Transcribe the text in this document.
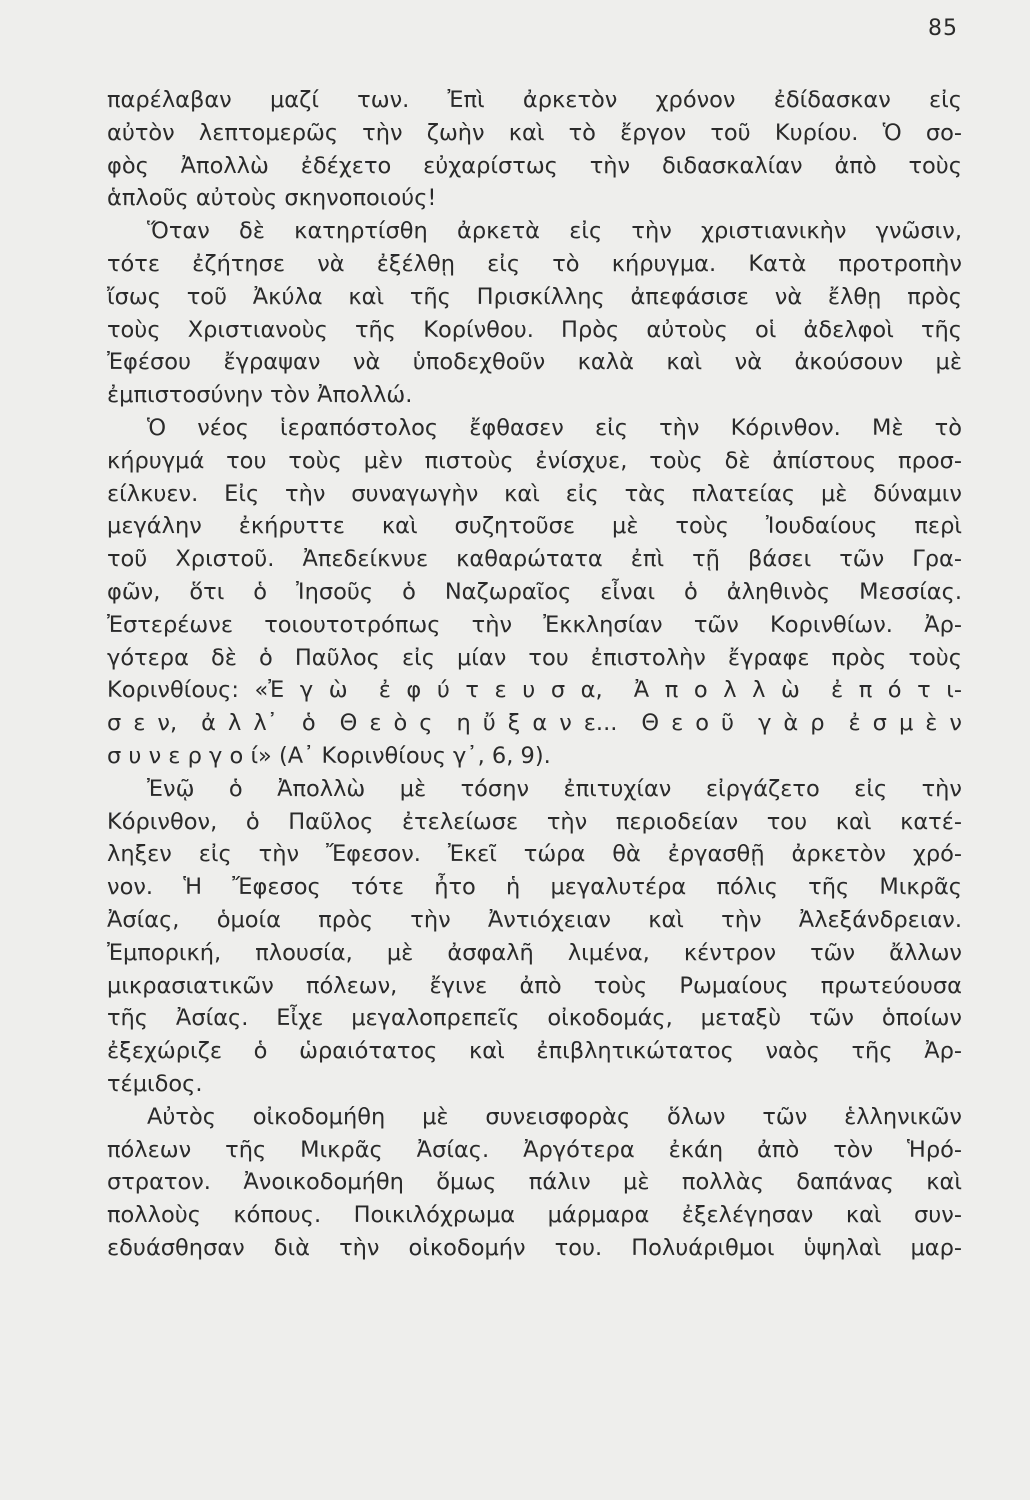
85
παρέλαβαν μαζί των. Ἐπὶ ἀρκετὸν χρόνον ἐδίδασκαν εἰς
αὐτὸν λεπτομερῶς τὴν ζωὴν καὶ τὸ ἔργον τοῦ Κυρίου. Ὁ σο-
φὸς Ἀπολλὼ ἐδέχετο εὐχαρίστως τὴν διδασκαλίαν ἀπὸ τοὺς
ἁπλοῦς αὐτοὺς σκηνοποιούς!
Ὅταν δὲ κατηρτίσθη ἀρκετὰ εἰς τὴν χριστιανικὴν γνῶσιν,
τότε ἐζήτησε νὰ ἐξέλθῃ εἰς τὸ κήρυγμα. Κατὰ προτροπὴν
ἴσως τοῦ Ἀκύλα καὶ τῆς Πρισκίλλης ἀπεφάσισε νὰ ἔλθῃ πρὸς
τοὺς Χριστιανοὺς τῆς Κορίνθου. Πρὸς αὐτοὺς οἱ ἀδελφοὶ τῆς
Ἐφέσου ἔγραψαν νὰ ὑποδεχθοῦν καλὰ καὶ νὰ ἀκούσουν μὲ
ἐμπιστοσύνην τὸν Ἀπολλώ.
Ὁ νέος ἱεραπόστολος ἔφθασεν εἰς τὴν Κόρινθον. Μὲ τὸ
κήρυγμά του τοὺς μὲν πιστοὺς ἐνίσχυε, τοὺς δὲ ἀπίστους προσ-
είλκυεν. Εἰς τὴν συναγωγὴν καὶ εἰς τὰς πλατείας μὲ δύναμιν
μεγάλην ἐκήρυττε καὶ συζητοῦσε μὲ τοὺς Ἰουδαίους περὶ
τοῦ Χριστοῦ. Ἀπεδείκνυε καθαρώτατα ἐπὶ τῇ βάσει τῶν Γρα-
φῶν, ὅτι ὁ Ἰησοῦς ὁ Ναζωραῖος εἶναι ὁ ἀληθινὸς Μεσσίας.
Ἐστερέωνε τοιουτοτρόπως τὴν Ἐκκλησίαν τῶν Κορινθίων. Ἀρ-
γότερα δὲ ὁ Παῦλος εἰς μίαν του ἐπιστολὴν ἔγραφε πρὸς τοὺς
Κορινθίους: «Ἐ γ ὼ  ἐ φ ύ τ ε υ σ α,  Ἀ π ο λ λ ὼ  ἐ π ό τ ι-
σ ε ν,  ἀ λ λ᾿  ὁ  Θ ε ὸ ς  η ὔ ξ α ν ε...  Θ ε ο ῦ  γ ὰ ρ  ἐ σ μ ὲ ν
σ υ ν ε ρ γ ο ί» (Α᾿ Κορινθίους γ᾿, 6, 9).
Ἐνῷ ὁ Ἀπολλὼ μὲ τόσην ἐπιτυχίαν εἰργάζετο εἰς τὴν
Κόρινθον, ὁ Παῦλος ἐτελείωσε τὴν περιοδείαν του καὶ κατέ-
ληξεν εἰς τὴν Ἔφεσον. Ἐκεῖ τώρα θὰ ἐργασθῇ ἀρκετὸν χρό-
νον. Ἡ Ἔφεσος τότε ἦτο ἡ μεγαλυτέρα πόλις τῆς Μικρᾶς
Ἀσίας, ὁμοία πρὸς τὴν Ἀντιόχειαν καὶ τὴν Ἀλεξάνδρειαν.
Ἐμπορική, πλουσία, μὲ ἀσφαλῆ λιμένα, κέντρον τῶν ἄλλων
μικρασιατικῶν πόλεων, ἔγινε ἀπὸ τοὺς Ρωμαίους πρωτεύουσα
τῆς Ἀσίας. Εἶχε μεγαλοπρεπεῖς οἰκοδομάς, μεταξὺ τῶν ὁποίων
ἐξεχώριζε ὁ ὡραιότατος καὶ ἐπιβλητικώτατος ναὸς τῆς Ἀρ-
τέμιδος.
Αὐτὸς οἰκοδομήθη μὲ συνεισφορὰς ὅλων τῶν ἑλληνικῶν
πόλεων τῆς Μικρᾶς Ἀσίας. Ἀργότερα ἐκάη ἀπὸ τὸν Ἡρό-
στρατον. Ἀνοικοδομήθη ὅμως πάλιν μὲ πολλὰς δαπάνας καὶ
πολλοὺς κόπους. Ποικιλόχρωμα μάρμαρα ἐξελέγησαν καὶ συν-
εδυάσθησαν διὰ τὴν οἰκοδομήν του. Πολυάριθμοι ὑψηλαὶ μαρ-
